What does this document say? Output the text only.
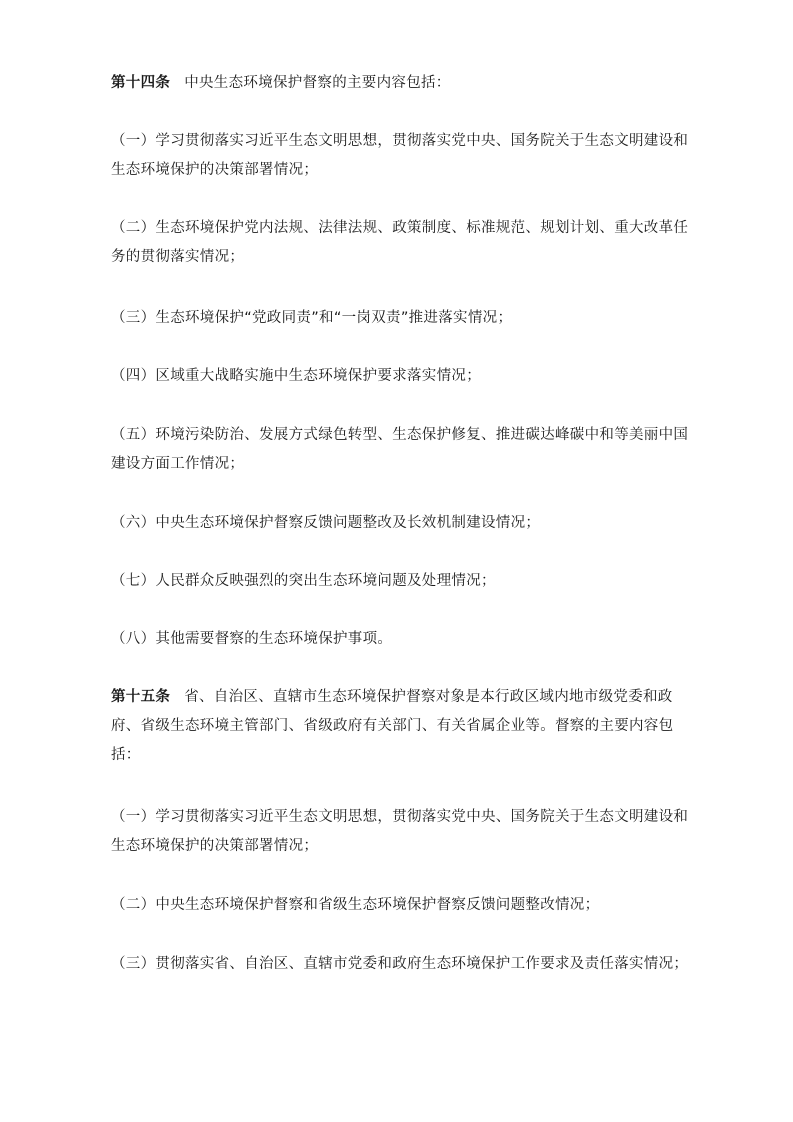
第十四条 中央生态环境保护督察的主要内容包括：

（一）学习贯彻落实习近平生态文明思想，贯彻落实党中央、国务院关于生态文明建设和生态环境保护的决策部署情况；

（二）生态环境保护党内法规、法律法规、政策制度、标准规范、规划计划、重大改革任务的贯彻落实情况；

（三）生态环境保护“党政同责”和“一岗双责”推进落实情况；

（四）区域重大战略实施中生态环境保护要求落实情况；

（五）环境污染防治、发展方式绿色转型、生态保护修复、推进碳达峰碳中和等美丽中国建设方面工作情况；

（六）中央生态环境保护督察反馈问题整改及长效机制建设情况；

（七）人民群众反映强烈的突出生态环境问题及处理情况；

（八）其他需要督察的生态环境保护事项。

第十五条 省、自治区、直辖市生态环境保护督察对象是本行政区域内地市级党委和政府、省级生态环境主管部门、省级政府有关部门、有关省属企业等。督察的主要内容包括：

（一）学习贯彻落实习近平生态文明思想，贯彻落实党中央、国务院关于生态文明建设和生态环境保护的决策部署情况；

（二）中央生态环境保护督察和省级生态环境保护督察反馈问题整改情况；

（三）贯彻落实省、自治区、直辖市党委和政府生态环境保护工作要求及责任落实情况；
